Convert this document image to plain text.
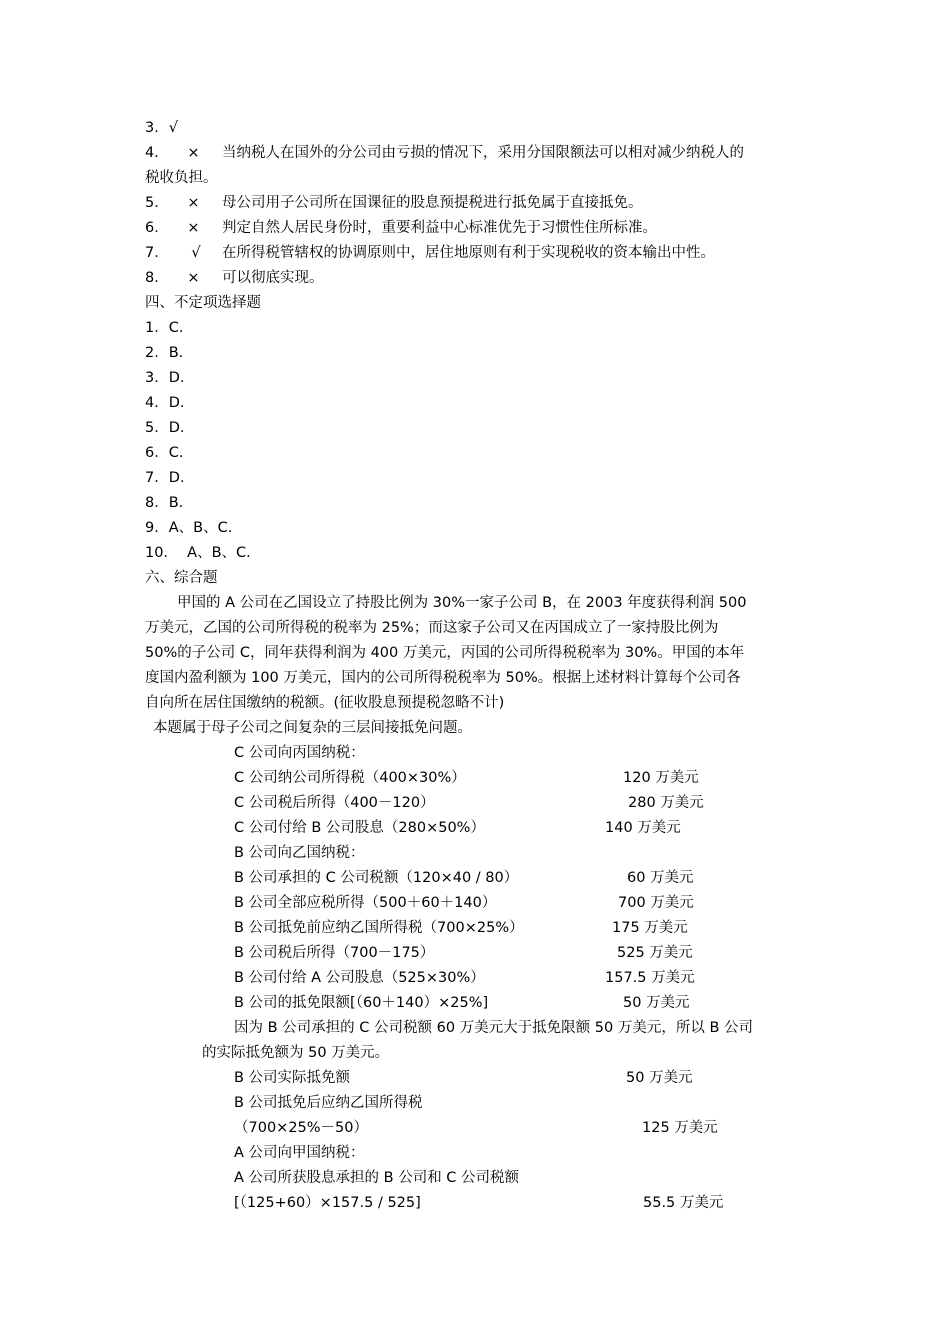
3．√
4． × 当纳税人在国外的分公司由亏损的情况下，采用分国限额法可以相对减少纳税人的
税收负担。
5． × 母公司用子公司所在国课征的股息预提税进行抵免属于直接抵免。
6． × 判定自然人居民身份时，重要利益中心标准优先于习惯性住所标准。
7． √ 在所得税管辖权的协调原则中，居住地原则有利于实现税收的资本输出中性。
8． × 可以彻底实现。
四、不定项选择题
1．C.
2．B.
3．D.
4．D.
5．D.
6．C.
7．D.
8．B.
9．A、B、C.
10．  A、B、C.
六、综合题
甲国的 A 公司在乙国设立了持股比例为 30%一家子公司 B，在 2003 年度获得利润 500
万美元，乙国的公司所得税的税率为 25%；而这家子公司又在丙国成立了一家持股比例为
50%的子公司 C，同年获得利润为 400 万美元，丙国的公司所得税税率为 30%。甲国的本年
度国内盈利额为 100 万美元，国内的公司所得税税率为 50%。根据上述材料计算每个公司各
自向所在居住国缴纳的税额。(征收股息预提税忽略不计)
本题属于母子公司之间复杂的三层间接抵免问题。
C 公司向丙国纳税：
C 公司纳公司所得税（400×30%）	120 万美元
C 公司税后所得（400－120）	280 万美元
C 公司付给 B 公司股息（280×50%）	140 万美元
B 公司向乙国纳税：
B 公司承担的 C 公司税额（120×40 / 80）	60 万美元
B 公司全部应税所得（500＋60＋140）	700 万美元
B 公司抵免前应纳乙国所得税（700×25%）	175 万美元
B 公司税后所得（700－175）	525 万美元
B 公司付给 A 公司股息（525×30%）	157.5 万美元
B 公司的抵免限额[（60＋140）×25%]	50 万美元
因为 B 公司承担的 C 公司税额 60 万美元大于抵免限额 50 万美元，所以 B 公司
的实际抵免额为 50 万美元。
B 公司实际抵免额	50 万美元
B 公司抵免后应纳乙国所得税
（700×25%－50）	125 万美元
A 公司向甲国纳税：
A 公司所获股息承担的 B 公司和 C 公司税额
[（125+60）×157.5 / 525]	55.5 万美元
